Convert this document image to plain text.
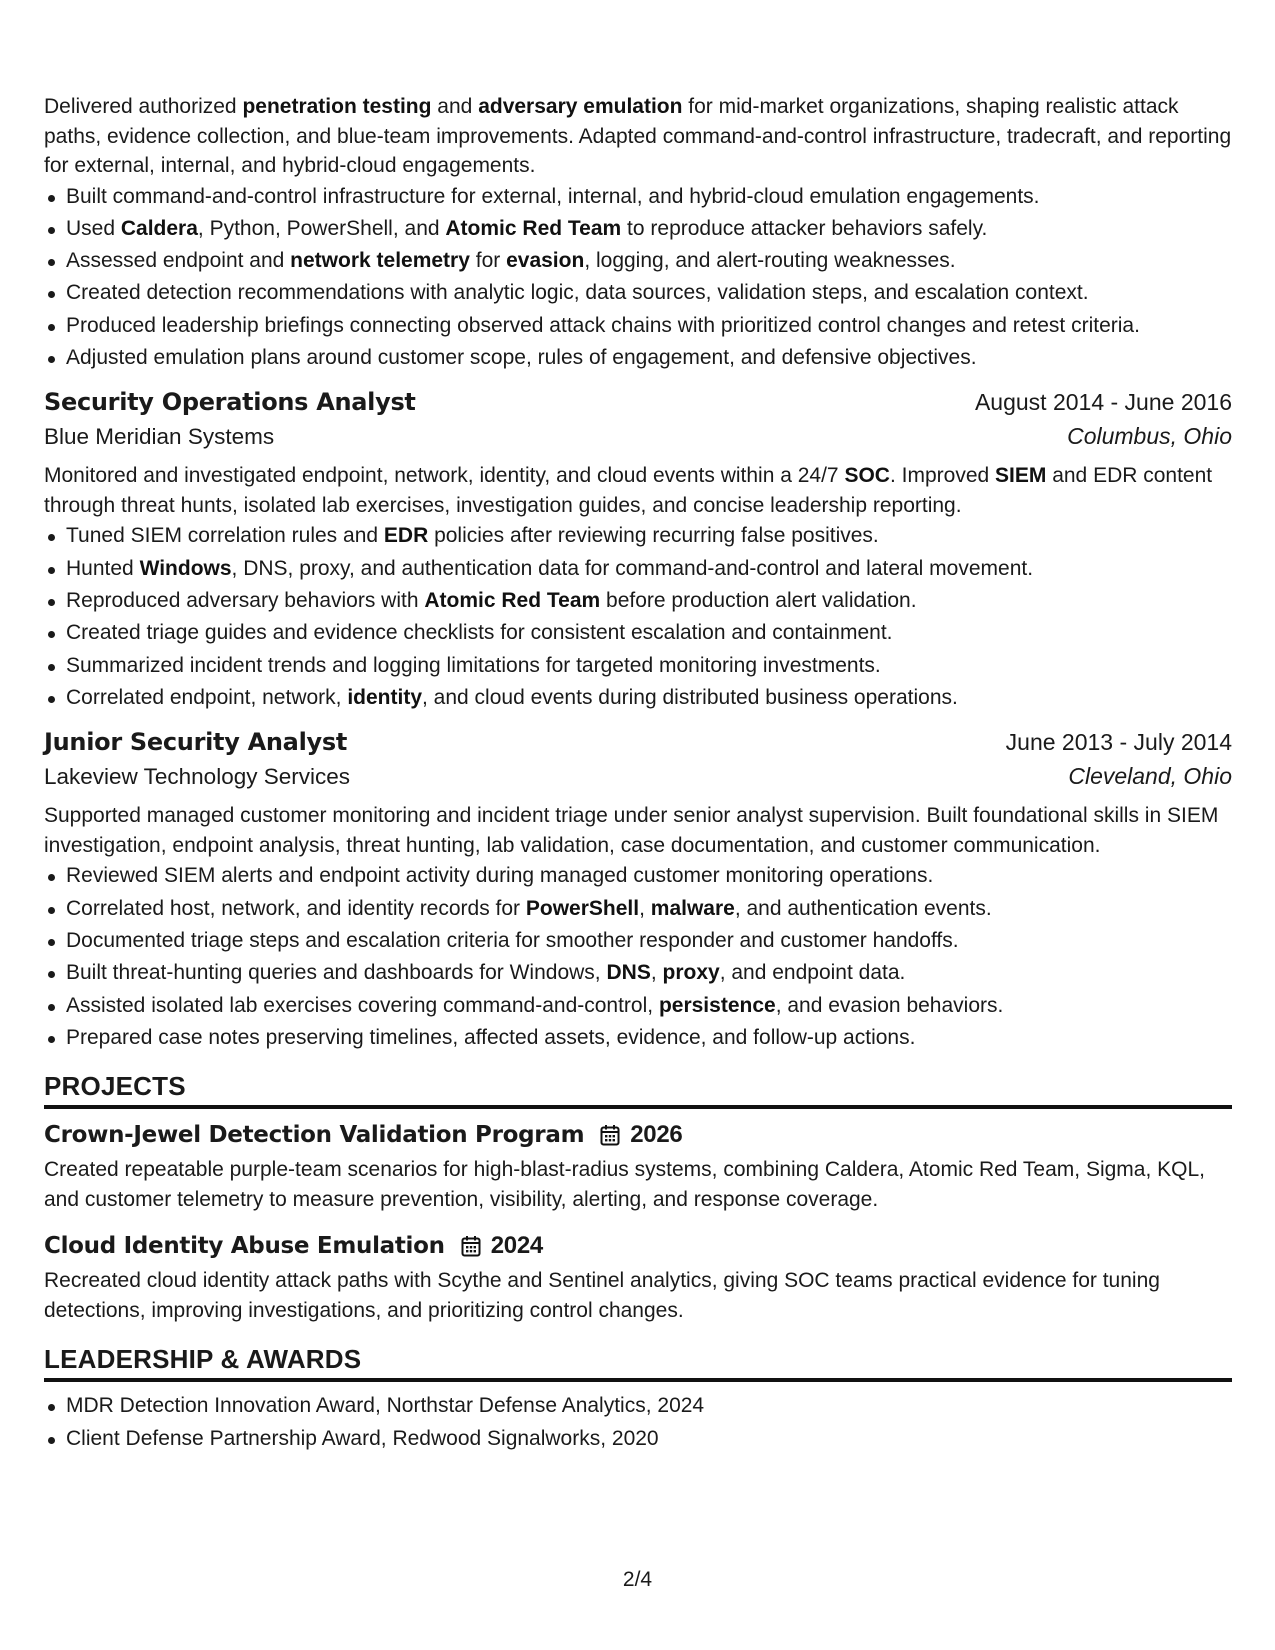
Delivered authorized penetration testing and adversary emulation for mid-market organizations, shaping realistic attack paths, evidence collection, and blue-team improvements. Adapted command-and-control infrastructure, tradecraft, and reporting for external, internal, and hybrid-cloud engagements.

Built command-and-control infrastructure for external, internal, and hybrid-cloud emulation engagements.
Used Caldera, Python, PowerShell, and Atomic Red Team to reproduce attacker behaviors safely.
Assessed endpoint and network telemetry for evasion, logging, and alert-routing weaknesses.
Created detection recommendations with analytic logic, data sources, validation steps, and escalation context.
Produced leadership briefings connecting observed attack chains with prioritized control changes and retest criteria.
Adjusted emulation plans around customer scope, rules of engagement, and defensive objectives.
Security Operations Analyst	August 2014 - June 2016
Blue Meridian Systems	Columbus, Ohio

Monitored and investigated endpoint, network, identity, and cloud events within a 24/7 SOC. Improved SIEM and EDR content through threat hunts, isolated lab exercises, investigation guides, and concise leadership reporting.

Tuned SIEM correlation rules and EDR policies after reviewing recurring false positives.
Hunted Windows, DNS, proxy, and authentication data for command-and-control and lateral movement.
Reproduced adversary behaviors with Atomic Red Team before production alert validation.
Created triage guides and evidence checklists for consistent escalation and containment.
Summarized incident trends and logging limitations for targeted monitoring investments.
Correlated endpoint, network, identity, and cloud events during distributed business operations.
Junior Security Analyst	June 2013 - July 2014
Lakeview Technology Services	Cleveland, Ohio

Supported managed customer monitoring and incident triage under senior analyst supervision. Built foundational skills in SIEM investigation, endpoint analysis, threat hunting, lab validation, case documentation, and customer communication.

Reviewed SIEM alerts and endpoint activity during managed customer monitoring operations.
Correlated host, network, and identity records for PowerShell, malware, and authentication events.
Documented triage steps and escalation criteria for smoother responder and customer handoffs.
Built threat-hunting queries and dashboards for Windows, DNS, proxy, and endpoint data.
Assisted isolated lab exercises covering command-and-control, persistence, and evasion behaviors.
Prepared case notes preserving timelines, affected assets, evidence, and follow-up actions.
PROJECTS
Crown-Jewel Detection Validation Program 2026

Created repeatable purple-team scenarios for high-blast-radius systems, combining Caldera, Atomic Red Team, Sigma, KQL, and customer telemetry to measure prevention, visibility, alerting, and response coverage.

Cloud Identity Abuse Emulation 2024

Recreated cloud identity attack paths with Scythe and Sentinel analytics, giving SOC teams practical evidence for tuning detections, improving investigations, and prioritizing control changes.

LEADERSHIP & AWARDS
MDR Detection Innovation Award, Northstar Defense Analytics, 2024
Client Defense Partnership Award, Redwood Signalworks, 2020
2/4
